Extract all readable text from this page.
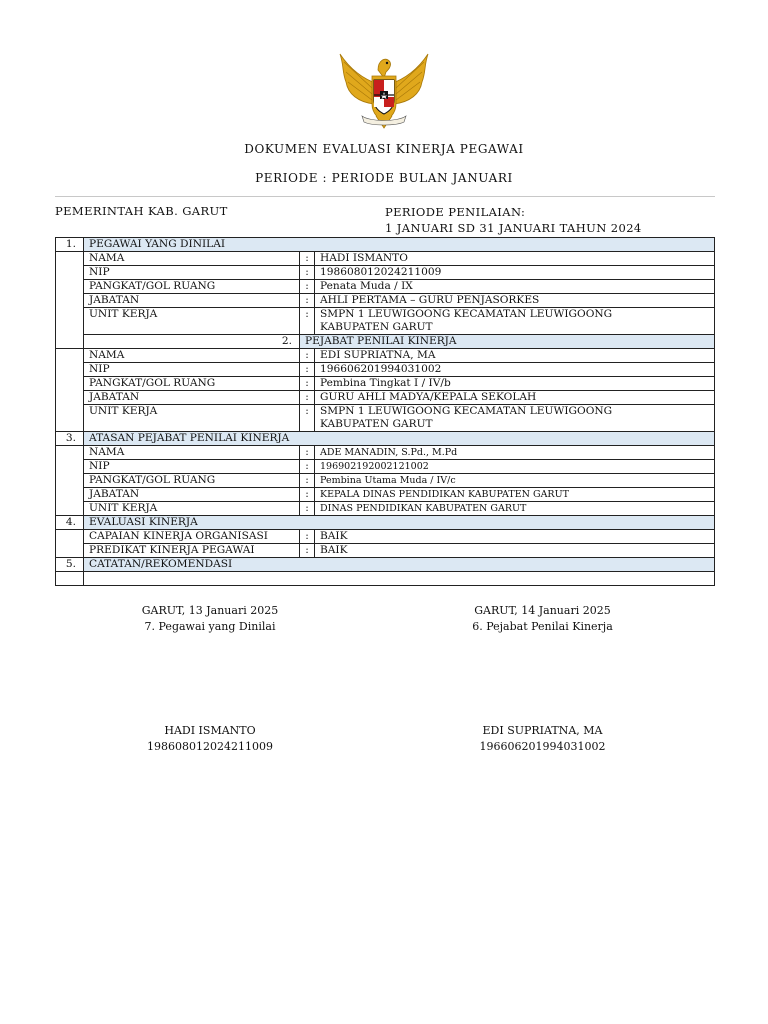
DOKUMEN EVALUASI KINERJA PEGAWAI
PERIODE : PERIODE BULAN JANUARI
PEMERINTAH KAB. GARUT	PERIODE PENILAIAN:
1 JANUARI SD 31 JANUARI TAHUN 2024
1.	PEGAWAI YANG DINILAI		
	NAMA	:	HADI ISMANTO
	NIP	:	198608012024211009
	PANGKAT/GOL RUANG	:	Penata Muda / IX
	JABATAN	:	AHLI PERTAMA – GURU PENJASORKES
	UNIT KERJA	:	SMPN 1 LEUWIGOONG KECAMATAN LEUWIGOONG
KABUPATEN GARUT

	2.	PEJABAT PENILAI KINERJA	
	NAMA	:	EDI SUPRIATNA, MA
	NIP	:	196606201994031002
	PANGKAT/GOL RUANG	:	Pembina Tingkat I / IV/b
	JABATAN	:	GURU AHLI MADYA/KEPALA SEKOLAH
	UNIT KERJA	:	SMPN 1 LEUWIGOONG KECAMATAN LEUWIGOONG
KABUPATEN GARUT

3.	ATASAN PEJABAT PENILAI KINERJA		
	NAMA	:	ADE MANADIN, S.Pd., M.Pd
	NIP	:	196902192002121002
	PANGKAT/GOL RUANG	:	Pembina Utama Muda / IV/c
	JABATAN	:	KEPALA DINAS PENDIDIKAN KABUPATEN GARUT
	UNIT KERJA	:	DINAS PENDIDIKAN KABUPATEN GARUT
4.	EVALUASI KINERJA		
	CAPAIAN KINERJA ORGANISASI	:	BAIK
	PREDIKAT KINERJA PEGAWAI	:	BAIK
5.	CATATAN/REKOMENDASI		

GARUT, 13 Januari 2025
7. Pegawai yang Dinilai
GARUT, 14 Januari 2025
6. Pejabat Penilai Kinerja
HADI ISMANTO
198608012024211009
EDI SUPRIATNA, MA
196606201994031002
